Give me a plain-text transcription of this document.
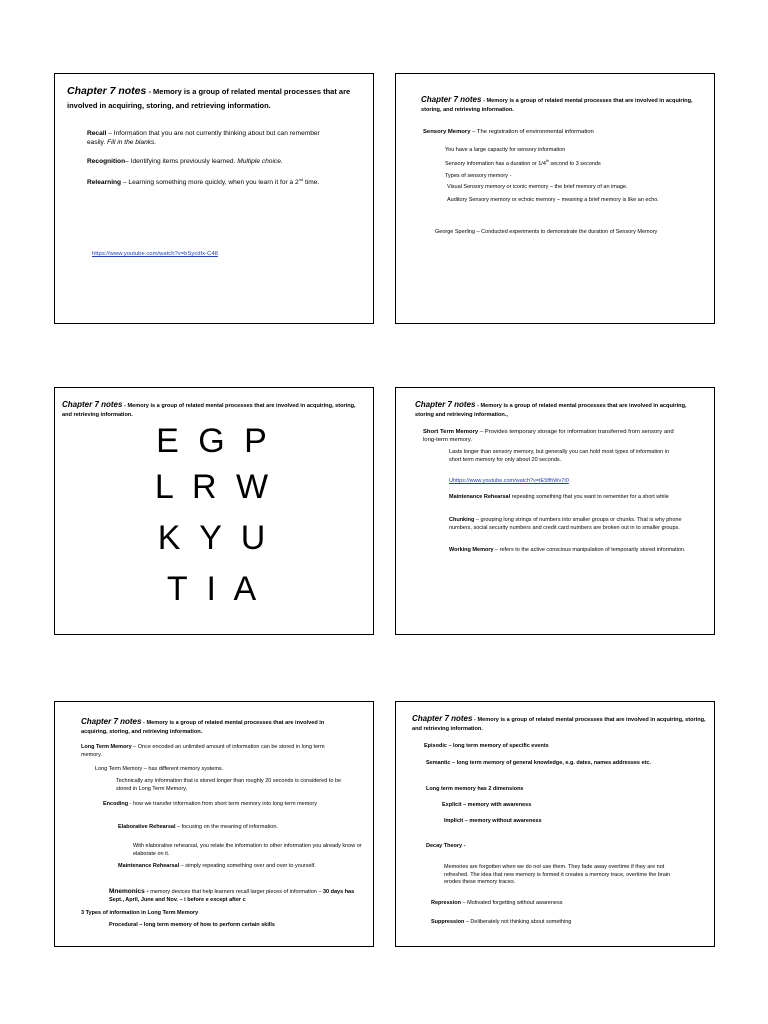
Chapter 7 notes - Memory is a group of related mental processes that are involved in acquiring, storing, and retrieving information.

Recall – Information that you are not currently thinking about but can remember easily. Fill in the blanks.

Recognition– Identifying items previously learned. Multiple choice.

Relearning – Learning something more quickly, when you learn it for a 2nd time.

https://www.youtube.com/watch?v=bSycdIx-C48

Chapter 7 notes - Memory is a group of related mental processes that are involved in acquiring, storing, and retrieving information.

Sensory Memory – The registration of environmental information

You have a large capacity for sensory information

Sensory information has a duration or 1/4th second to 3 seconds

Types of sensory memory -

Visual Sensory memory or iconic memory – the brief memory of an image.

Auditory Sensory memory or echoic memory – meaning a brief memory is like an echo.

George Sperling – Conducted experiments to demonstrate the duration of Sensory Memory

Chapter 7 notes - Memory is a group of related mental processes that are involved in acquiring, storing, and retrieving information.

E G P
L R W
K Y U
T I A

Chapter 7 notes - Memory is a group of related mental processes that are involved in acquiring, storing and retrieving information.,

Short Term Memory – Provides temporary storage for information transferred from sensory and long-term memory.

Lasts longer than sensory memory, but generally you can hold most types of information in short term memory for only about 20 seconds.

Uhttps://www.youtube.com/watch?v=tE5ffhWv7I0

Maintenance Rehearsal repeating something that you want to remember for a short while

Chunking – grouping long strings of numbers into smaller groups or chunks. That is why phone numbers, social security numbers and credit card numbers are broken out in to smaller groups.

Working Memory – refers to the active conscious manipulation of temporarily stored information.

Chapter 7 notes - Memory is a group of related mental processes that are involved in acquiring, storing, and retrieving information.

Long Term Memory – Once encoded an unlimited amount of information can be stored in long term memory.

Long Term Memory – has different memory systems.

Technically any information that is stored longer than roughly 20 seconds is considered to be stored in Long Term Memory.

Encoding - how we transfer information from short term memory into long term memory

Elaborative Rehearsal – focusing on the meaning of information.

With elaborative rehearsal, you relate the information to other information you already know or elaborate on it.

Maintenance Rehearsal – simply repeating something over and over to yourself.

Mnemonics - memory devices that help learners recall larger pieces of information – 30 days has Sept., April, June and Nov. – i before e except after c

3 Types of information in Long Term Memory

Procedural – long term memory of how to perform certain skills

Chapter 7 notes - Memory is a group of related mental processes that are involved in acquiring, storing, and retrieving information.

Episodic – long term memory of specific events

Semantic – long term memory of general knowledge, e.g. dates, names addresses etc.

Long term memory has 2 dimensions

Explicit – memory with awareness

Implicit – memory without awareness

Decay Theory -

Memories are forgotten when we do not use them. They fade away overtime if they are not refreshed. The idea that new memory is formed it creates a memory trace, overtime the brain erodes these memory traces.

Repression – Motivated forgetting without awareness

Suppression – Deliberately not thinking about something
